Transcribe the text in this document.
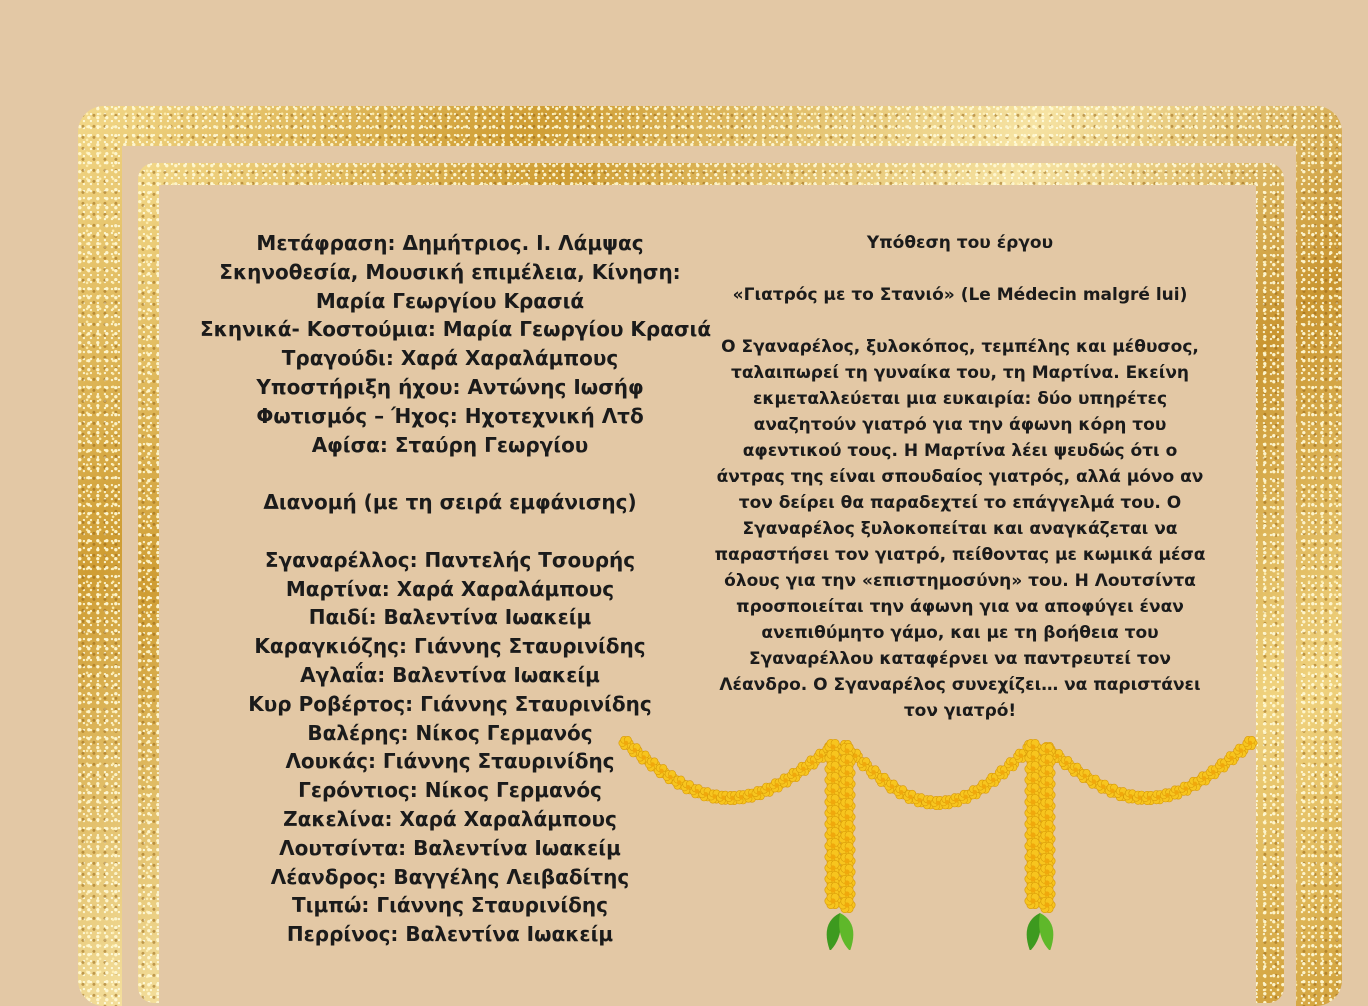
Μετάφραση: Δημήτριος. Ι. Λάμψας
Σκηνοθεσία, Μουσική επιμέλεια, Κίνηση:
Μαρία Γεωργίου Κρασιά
Σκηνικά- Κοστούμια: Μαρία Γεωργίου Κρασιά
Τραγούδι: Χαρά Χαραλάμπους
Υποστήριξη ήχου: Αντώνης Ιωσήφ
Φωτισμός – Ήχος: Ηχοτεχνική Λτδ
Αφίσα: Σταύρη Γεωργίου
Διανομή (με τη σειρά εμφάνισης)
Σγαναρέλλος: Παντελής Τσουρής
Μαρτίνα: Χαρά Χαραλάμπους
Παιδί: Βαλεντίνα Ιωακείμ
Καραγκιόζης: Γιάννης Σταυρινίδης
Αγλαΐα: Βαλεντίνα Ιωακείμ
Κυρ Ροβέρτος: Γιάννης Σταυρινίδης
Βαλέρης: Νίκος Γερμανός
Λουκάς: Γιάννης Σταυρινίδης
Γερόντιος: Νίκος Γερμανός
Ζακελίνα: Χαρά Χαραλάμπους
Λουτσίντα: Βαλεντίνα Ιωακείμ
Λέανδρος: Βαγγέλης Λειβαδίτης
Τιμπώ: Γιάννης Σταυρινίδης
Περρίνος: Βαλεντίνα Ιωακείμ
Υπόθεση του έργου
«Γιατρός με το Στανιό» (Le Médecin malgré lui)
Ο Σγαναρέλος, ξυλοκόπος, τεμπέλης και μέθυσος,
ταλαιπωρεί τη γυναίκα του, τη Μαρτίνα. Εκείνη
εκμεταλλεύεται μια ευκαιρία: δύο υπηρέτες
αναζητούν γιατρό για την άφωνη κόρη του
αφεντικού τους. Η Μαρτίνα λέει ψευδώς ότι ο
άντρας της είναι σπουδαίος γιατρός, αλλά μόνο αν
τον δείρει θα παραδεχτεί το επάγγελμά του. Ο
Σγαναρέλος ξυλοκοπείται και αναγκάζεται να
παραστήσει τον γιατρό, πείθοντας με κωμικά μέσα
όλους για την «επιστημοσύνη» του. Η Λουτσίντα
προσποιείται την άφωνη για να αποφύγει έναν
ανεπιθύμητο γάμο, και με τη βοήθεια του
Σγαναρέλλου καταφέρνει να παντρευτεί τον
Λέανδρο. Ο Σγαναρέλος συνεχίζει… να παριστάνει
τον γιατρό!
